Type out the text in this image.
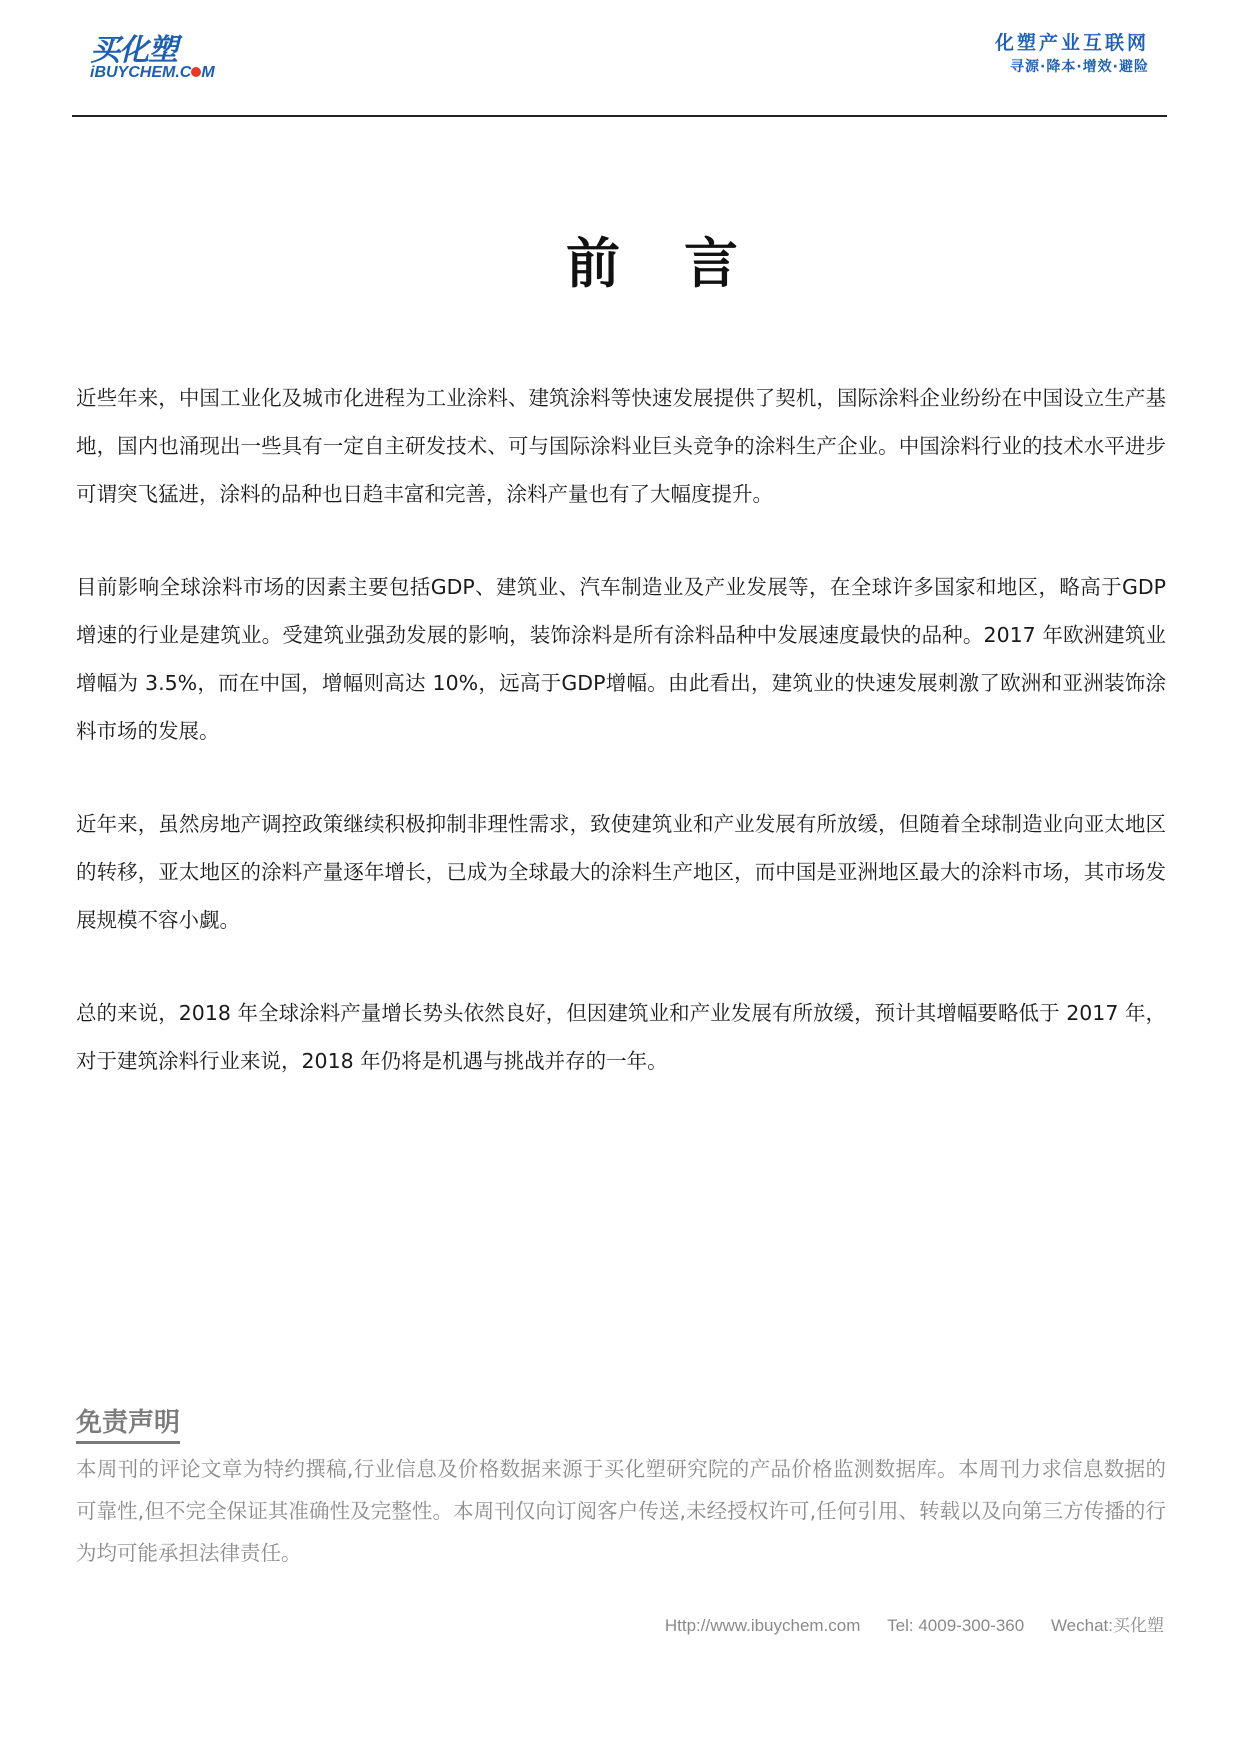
买化塑
iBUYCHEM.C M
化塑产业互联网
寻源·降本·增效·避险
前言

近些年来，中国工业化及城市化进程为工业涂料、建筑涂料等快速发展提供了契机，国际涂料企业纷纷在中国设立生产基地，国内也涌现出一些具有一定自主研发技术、可与国际涂料业巨头竞争的涂料生产企业。中国涂料行业的技术水平进步可谓突飞猛进，涂料的品种也日趋丰富和完善，涂料产量也有了大幅度提升。

目前影响全球涂料市场的因素主要包括GDP、建筑业、汽车制造业及产业发展等，在全球许多国家和地区，略高于GDP增速的行业是建筑业。受建筑业强劲发展的影响，装饰涂料是所有涂料品种中发展速度最快的品种。2017 年欧洲建筑业增幅为 3.5%，而在中国，增幅则高达 10%，远高于GDP增幅。由此看出，建筑业的快速发展刺激了欧洲和亚洲装饰涂料市场的发展。

近年来，虽然房地产调控政策继续积极抑制非理性需求，致使建筑业和产业发展有所放缓，但随着全球制造业向亚太地区的转移，亚太地区的涂料产量逐年增长，已成为全球最大的涂料生产地区，而中国是亚洲地区最大的涂料市场，其市场发展规模不容小觑。

总的来说，2018 年全球涂料产量增长势头依然良好，但因建筑业和产业发展有所放缓，预计其增幅要略低于 2017 年，对于建筑涂料行业来说，2018 年仍将是机遇与挑战并存的一年。

免责声明

本周刊的评论文章为特约撰稿,行业信息及价格数据来源于买化塑研究院的产品价格监测数据库。本周刊力求信息数据的可靠性,但不完全保证其准确性及完整性。本周刊仅向订阅客户传送,未经授权许可,任何引用、转载以及向第三方传播的行为均可能承担法律责任。

Http://www.ibuychem.com Tel: 4009-300-360 Wechat:买化塑
